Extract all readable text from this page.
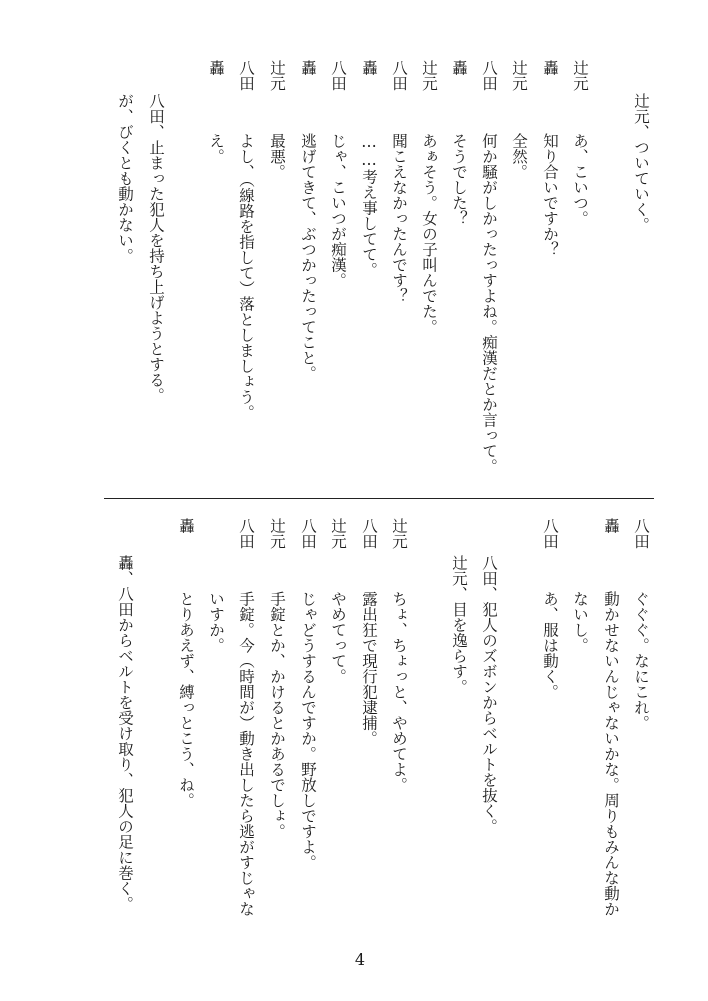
辻元、ついていく。
辻元
あ、こいつ。
轟
知り合いですか？
辻元
全然。
八田
何か騒がしかったっすよね。痴漢だとか言って。
轟
そうでした？
辻元
あぁそう。女の子叫んでた。
八田
聞こえなかったんです？
轟
……考え事してて。
八田
じゃ、こいつが痴漢。
轟
逃げてきて、ぶつかったってこと。
辻元
最悪。
八田
よし、（線路を指して）落としましょう。
轟
え。
八田、止まった犯人を持ち上げようとする。
が、びくとも動かない。
八田
ぐぐぐ。なにこれ。
轟
動かせないんじゃないかな。周りもみんな動か
ないし。
八田
あ、服は動く。
八田、犯人のズボンからベルトを抜く。
辻元、目を逸らす。
辻元
ちょ、ちょっと、やめてよ。
八田
露出狂で現行犯逮捕。
辻元
やめてって。
八田
じゃどうするんですか。野放しですよ。
辻元
手錠とか、かけるとかあるでしょ。
八田
手錠。今（時間が）動き出したら逃がすじゃな
いすか。
轟
とりあえず、縛っとこう、ね。
轟、八田からベルトを受け取り、犯人の足に巻く。
4
